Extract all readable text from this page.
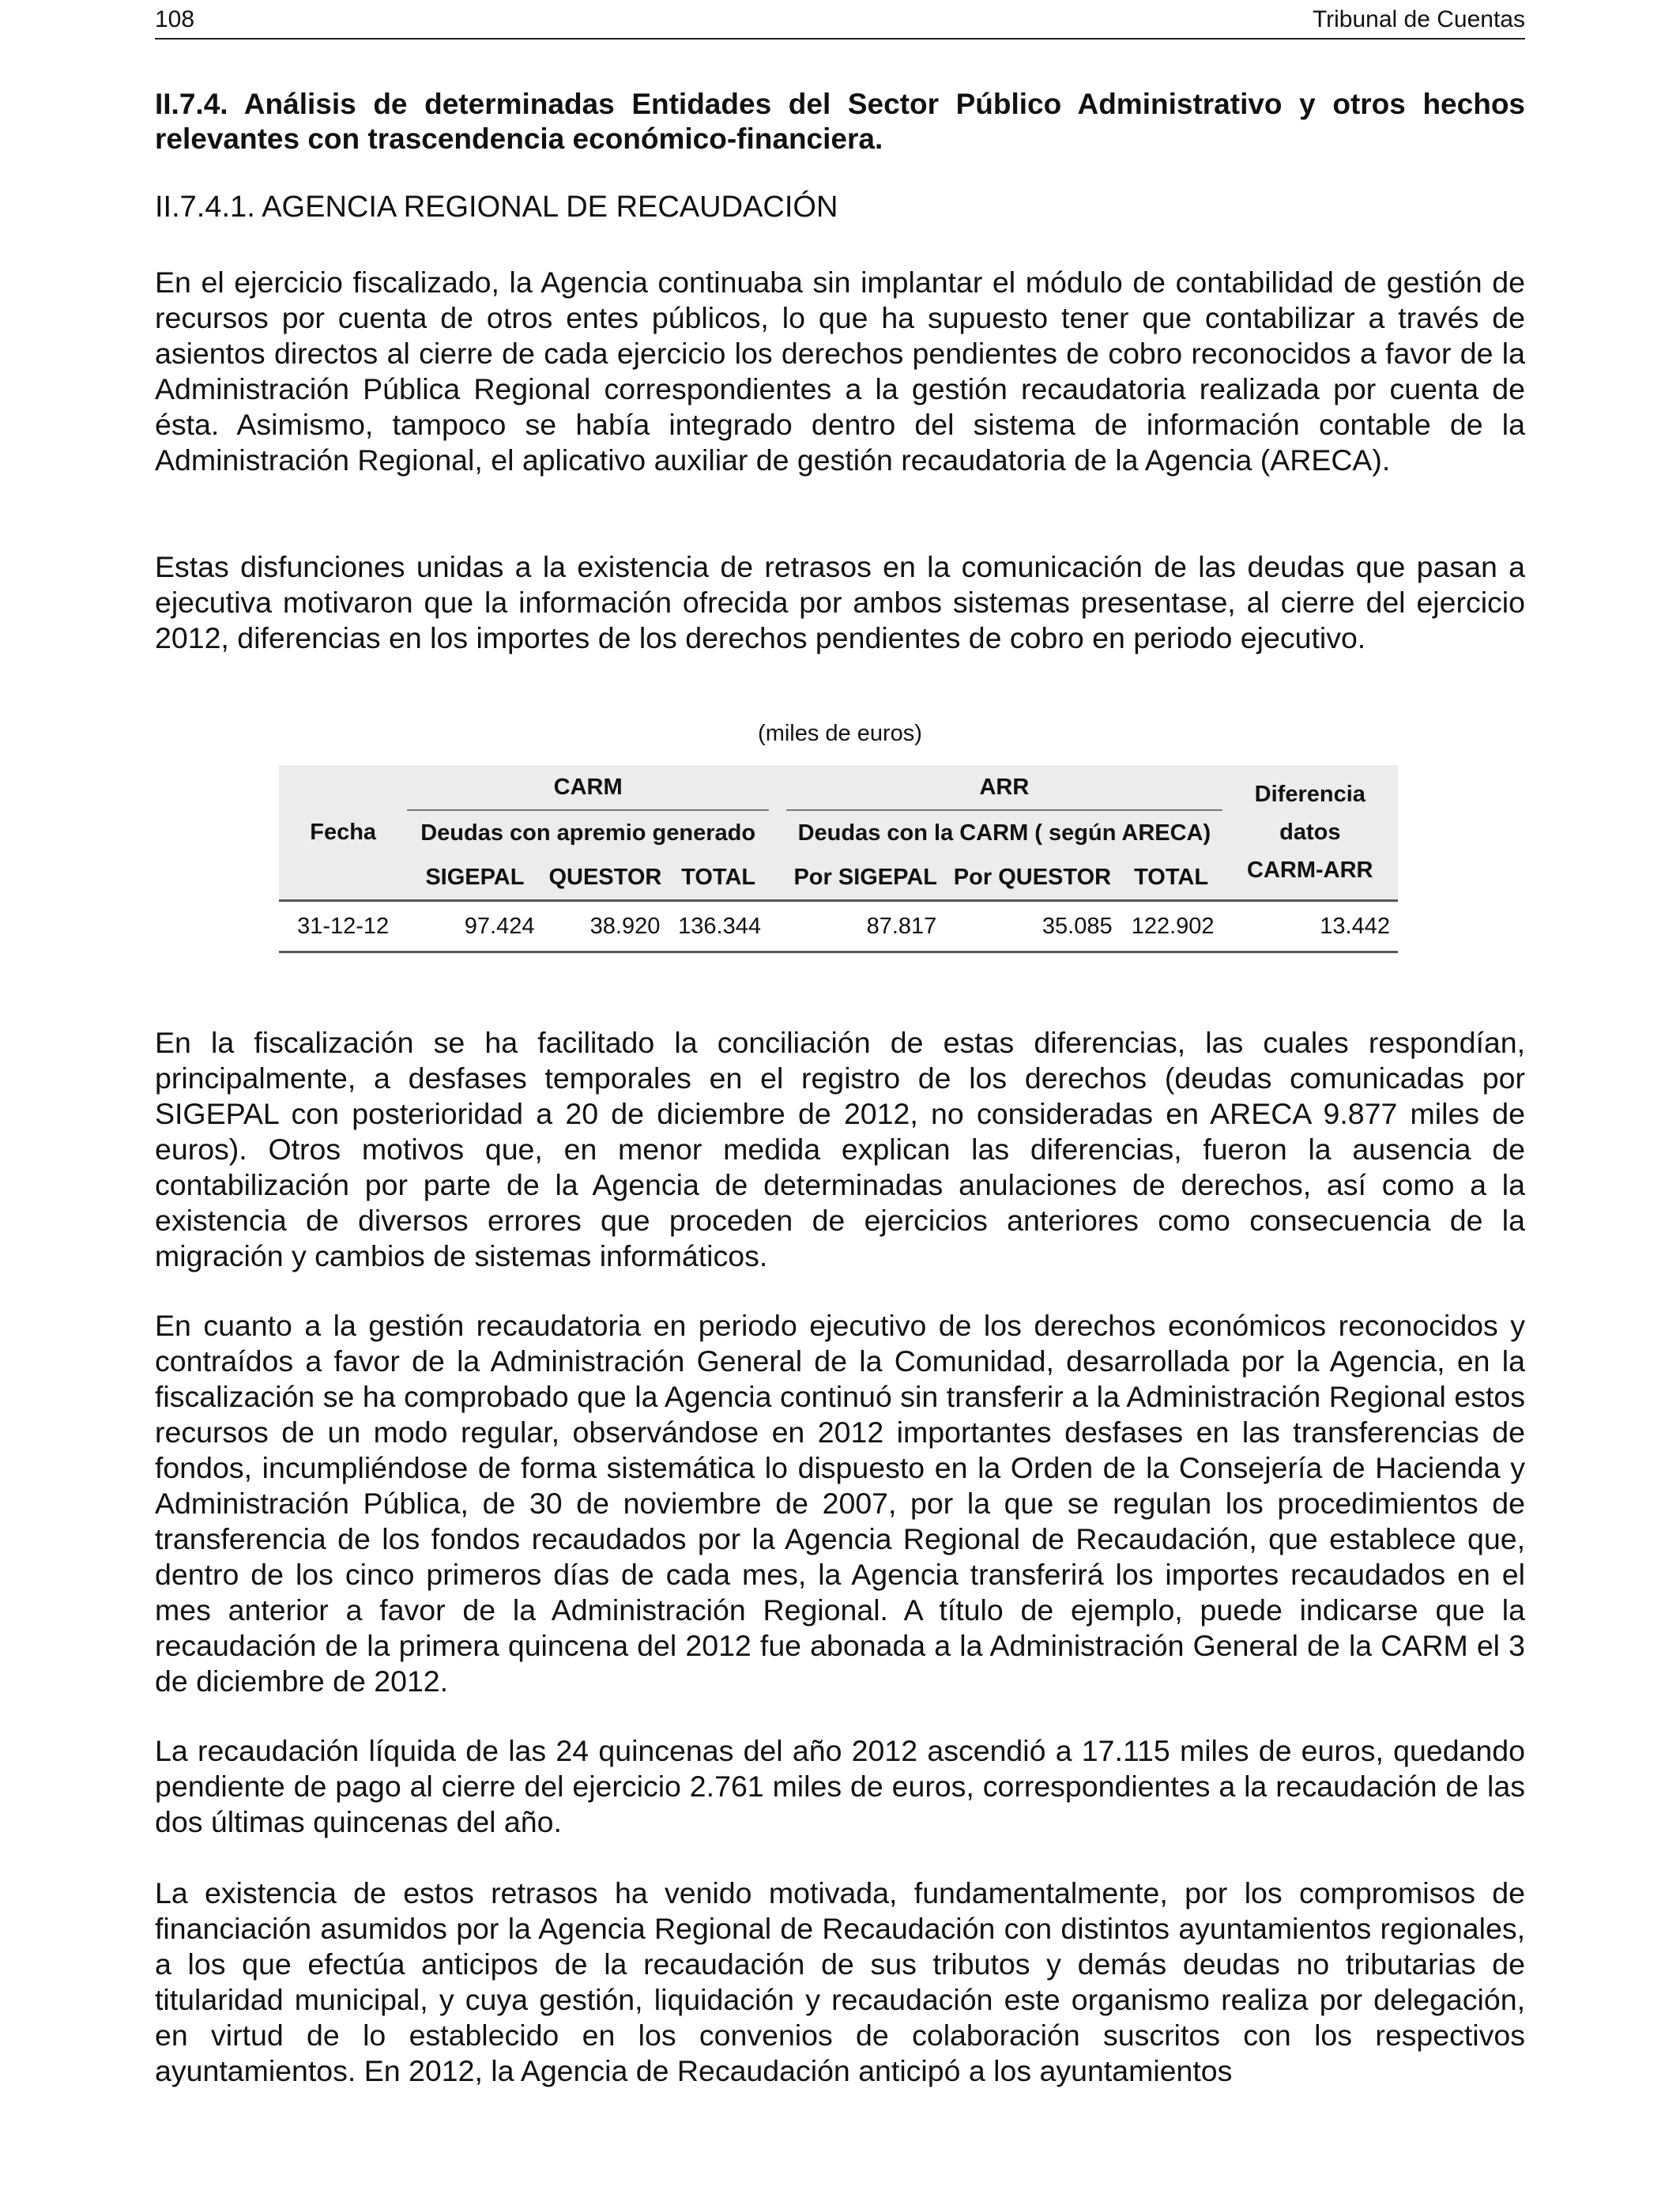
108	Tribunal de Cuentas
II.7.4. Análisis de determinadas Entidades del Sector Público Administrativo y otros hechos relevantes con trascendencia económico-financiera.
II.7.4.1. AGENCIA REGIONAL DE RECAUDACIÓN

En el ejercicio fiscalizado, la Agencia continuaba sin implantar el módulo de contabilidad de gestión de recursos por cuenta de otros entes públicos, lo que ha supuesto tener que contabilizar a través de asientos directos al cierre de cada ejercicio los derechos pendientes de cobro reconocidos a favor de la Administración Pública Regional correspondientes a la gestión recaudatoria realizada por cuenta de ésta. Asimismo, tampoco se había integrado dentro del sistema de información contable de la Administración Regional, el aplicativo auxiliar de gestión recaudatoria de la Agencia (ARECA).

Estas disfunciones unidas a la existencia de retrasos en la comunicación de las deudas que pasan a ejecutiva motivaron que la información ofrecida por ambos sistemas presentase, al cierre del ejercicio 2012, diferencias en los importes de los derechos pendientes de cobro en periodo ejecutivo.

(miles de euros)
Fecha	CARM				ARR			Diferencia
datos
CARM-ARR
	Deudas con apremio generado				Deudas con la CARM ( según ARECA)			
	SIGEPAL	QUESTOR	TOTAL		Por SIGEPAL	Por QUESTOR	TOTAL	
31-12-12	97.424	38.920	136.344		87.817	35.085	122.902	13.442

En la fiscalización se ha facilitado la conciliación de estas diferencias, las cuales respondían, principalmente, a desfases temporales en el registro de los derechos (deudas comunicadas por SIGEPAL con posterioridad a 20 de diciembre de 2012, no consideradas en ARECA 9.877 miles de euros). Otros motivos que, en menor medida explican las diferencias, fueron la ausencia de contabilización por parte de la Agencia de determinadas anulaciones de derechos, así como a la existencia de diversos errores que proceden de ejercicios anteriores como consecuencia de la migración y cambios de sistemas informáticos.

En cuanto a la gestión recaudatoria en periodo ejecutivo de los derechos económicos reconocidos y contraídos a favor de la Administración General de la Comunidad, desarrollada por la Agencia, en la fiscalización se ha comprobado que la Agencia continuó sin transferir a la Administración Regional estos recursos de un modo regular, observándose en 2012 importantes desfases en las transferencias de fondos, incumpliéndose de forma sistemática lo dispuesto en la Orden de la Consejería de Hacienda y Administración Pública, de 30 de noviembre de 2007, por la que se regulan los procedimientos de transferencia de los fondos recaudados por la Agencia Regional de Recaudación, que establece que, dentro de los cinco primeros días de cada mes, la Agencia transferirá los importes recaudados en el mes anterior a favor de la Administración Regional. A título de ejemplo, puede indicarse que la recaudación de la primera quincena del 2012 fue abonada a la Administración General de la CARM el 3 de diciembre de 2012.

La recaudación líquida de las 24 quincenas del año 2012 ascendió a 17.115 miles de euros, quedando pendiente de pago al cierre del ejercicio 2.761 miles de euros, correspondientes a la recaudación de las dos últimas quincenas del año.

La existencia de estos retrasos ha venido motivada, fundamentalmente, por los compromisos de financiación asumidos por la Agencia Regional de Recaudación con distintos ayuntamientos regionales, a los que efectúa anticipos de la recaudación de sus tributos y demás deudas no tributarias de titularidad municipal, y cuya gestión, liquidación y recaudación este organismo realiza por delegación, en virtud de lo establecido en los convenios de colaboración suscritos con los respectivos ayuntamientos. En 2012, la Agencia de Recaudación anticipó a los ayuntamientos
